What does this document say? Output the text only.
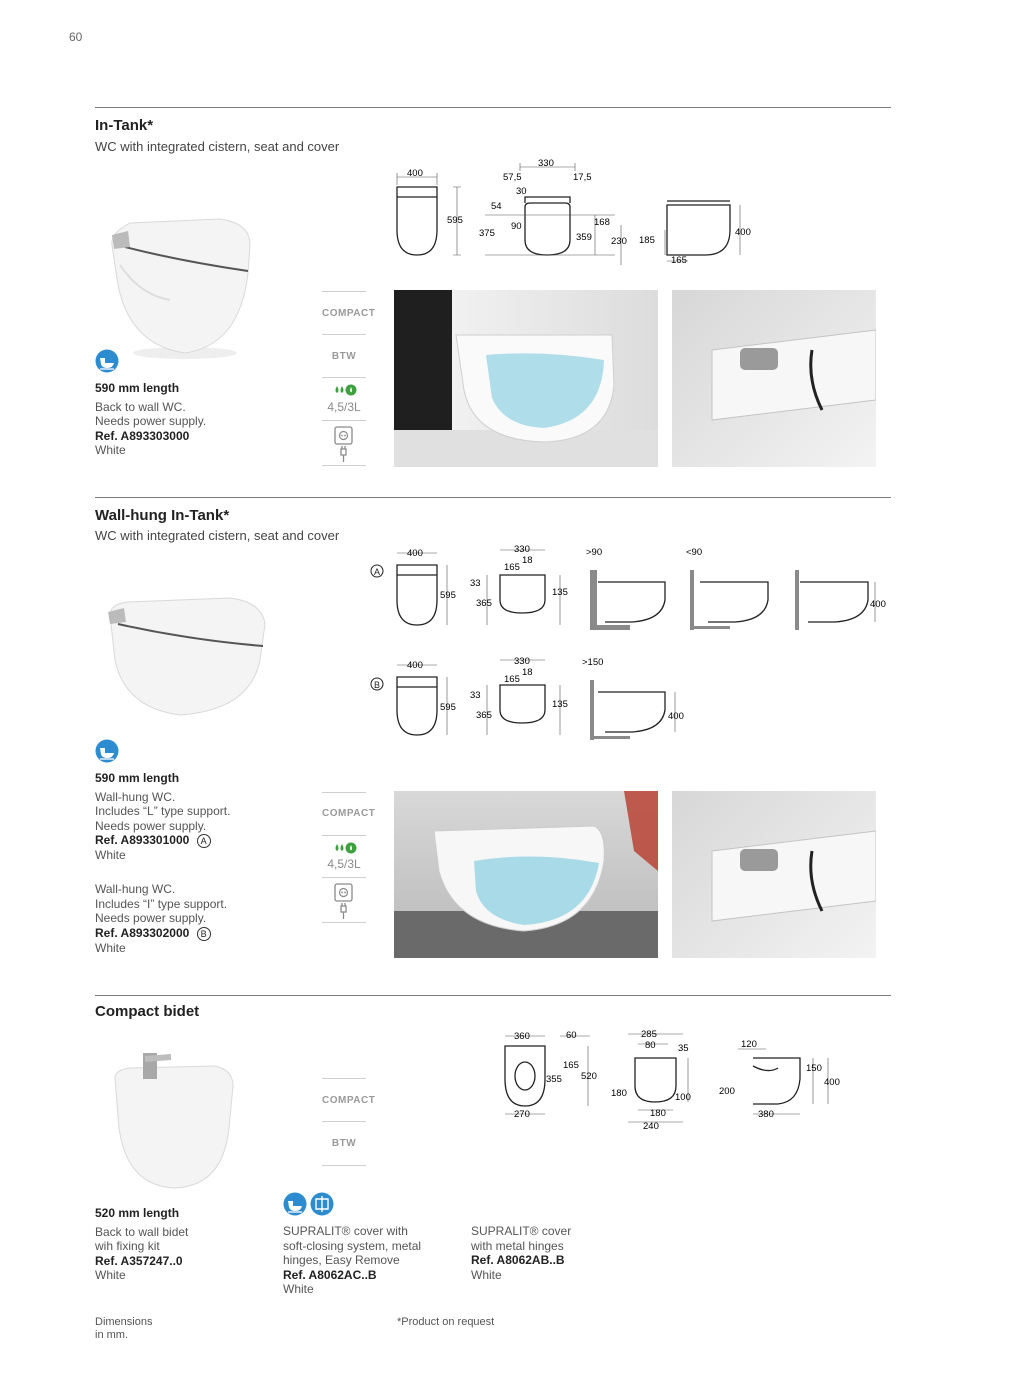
60
In-Tank*
WC with integrated cistern, seat and cover
590 mm length
Back to wall WC.
Needs power supply.
Ref. A893303000
White
COMPACT
BTW
4,5/3L
400
595
330
57,5	17,5
30
54
375
90	168
359 230 185
400
165
Wall-hung In-Tank*
WC with integrated cistern, seat and cover
590 mm length
Wall-hung WC.
Includes “L” type support.
Needs power supply.
Ref. A893301000 A
White
Wall-hung WC.
Includes “I” type support.
Needs power supply.
Ref. A893302000 B
White
COMPACT
4,5/3L
A
B
400
595
330
18
165
33
135
365
>90	<90
400
400
595
330
18
165
33
135
365
>150
400
Compact bidet
COMPACT
BTW
360	60
165
355 520
270
285
80 35
180	100
180
240
120
150
400
200
380
520 mm length
Back to wall bidet
wih fixing kit
Ref. A357247..0
White
SUPRALIT® cover with
soft-closing system, metal
hinges, Easy Remove
Ref. A8062AC..B
White
SUPRALIT® cover
with metal hinges
Ref. A8062AB..B
White
Dimensions
in mm.
*Product on request
